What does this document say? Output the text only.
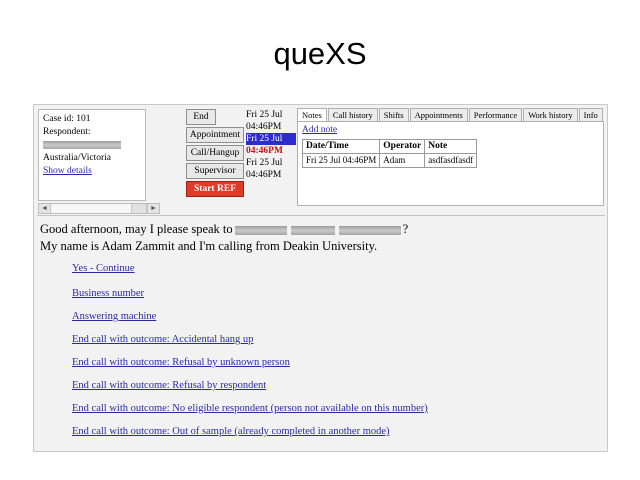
queXS
Case id: 101
Respondent:
Australia/Victoria
Show details
◄	►
End
Appointment
Call/Hangup
Supervisor
Start REF
Fri 25 Jul
04:46PM
Fri 25 Jul
04:46PM
Fri 25 Jul
04:46PM
Notes	Call history	Shifts	Appointments	Performance	Work history	Info
Add note
Date/Time	Operator	Note
Fri 25 Jul 04:46PM	Adam	asdfasdfasdf
Good afternoon, may I please speak to	?
My name is Adam Zammit and I'm calling from Deakin University.
Yes - Continue
Business number
Answering machine
End call with outcome: Accidental hang up
End call with outcome: Refusal by unknown person
End call with outcome: Refusal by respondent
End call with outcome: No eligible respondent (person not available on this number)
End call with outcome: Out of sample (already completed in another mode)
